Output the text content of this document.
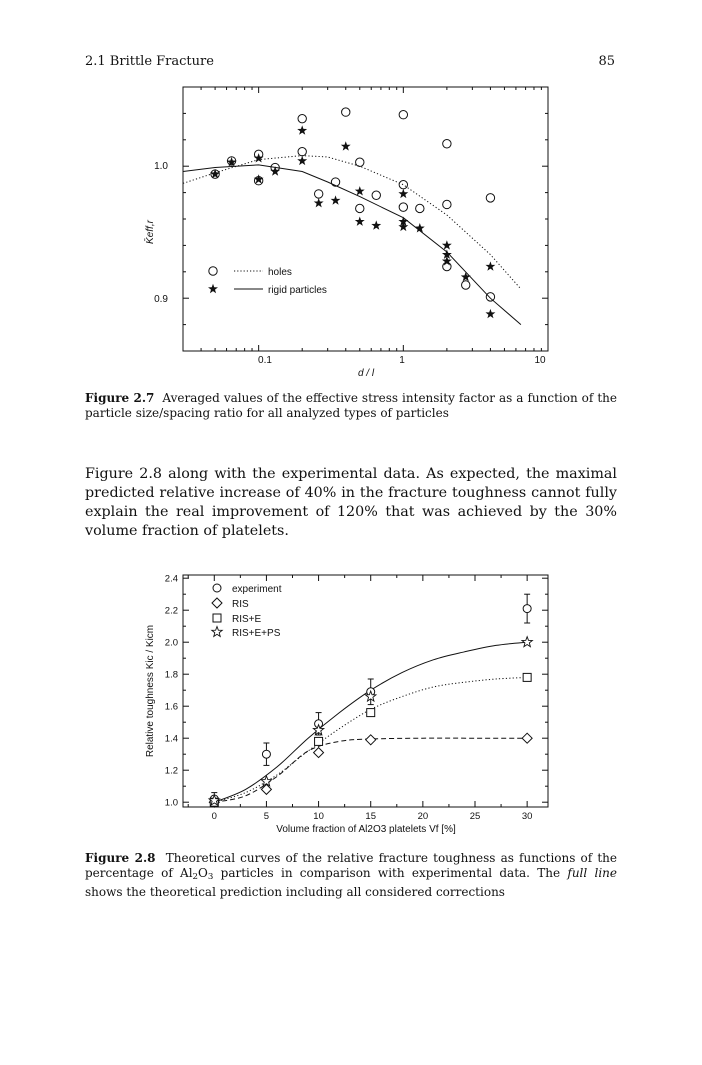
2.1 Brittle Fracture	85
1.0
0.9
0.1	1	10
K̄eff,r
d / l
holes
rigid particles
Figure 2.7 Averaged values of the effective stress intensity factor as a function of the particle size/spacing ratio for all analyzed types of particles
Figure 2.8 along with the experimental data. As expected, the maximal predicted relative increase of 40% in the fracture toughness cannot fully explain the real improvement of 120% that was achieved by the 30% volume fraction of platelets.
0	5	10	15	20	25	30
1.0
1.2
1.4
1.6
1.8
2.0
2.2
2.4
Relative toughness Kic / Kicm
Volume fraction of Al2O3 platelets Vf [%]
experiment
RIS
RIS+E
RIS+E+PS
Figure 2.8 Theoretical curves of the relative fracture toughness as functions of the percentage of $Al_2O_3$ particles in comparison with experimental data. The full line shows the theoretical prediction including all considered corrections
